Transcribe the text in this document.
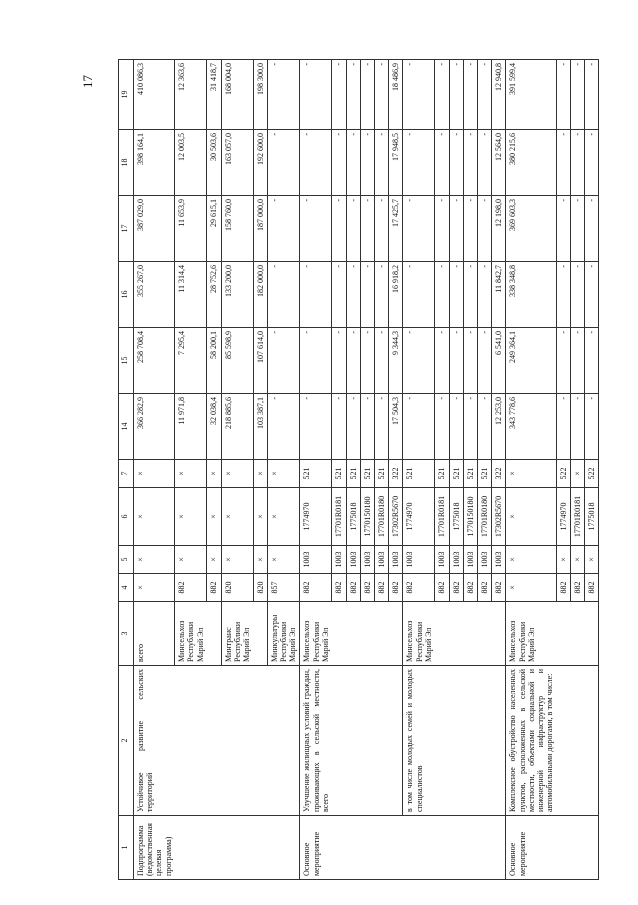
17
1	2	3	4	5	6	7	14	15	16	17	18	19
Подпрограмма (ведомственная целевая программа)	Устойчивое развитие сельских территорий	всего	×	×	×	×	366 282,9	258 708,4	355 267,0	387 029,0	398 164,1	410 086,3
		Минсельхоз Республики Марий Эл	882	×	×	×	11 971,8	7 295,4	11 314,4	11 653,9	12 003,5	12 363,6
			882	×	×	×	32 038,4	58 200,1	28 752,6	29 615,1	30 503,6	31 418,7
		Минтранс Республики Марий Эл	820	×	×	×	218 885,6	85 598,9	133 200,0	158 760,0	163 057,0	168 004,0
			820	×	×	×	103 387,1	107 614,0	182 000,0	187 000,0	192 600,0	198 300,0
		Минкультуры Республики Марий Эл	857	×	×	×	-	-	-	-	-	-
Основное мероприятие	Улучшение жилищных условий граждан, проживающих в сельской местности, всего	Минсельхоз Республики Марий Эл	882	1003	1774970	521	-	-	-	-	-	-
			882	1003	17701R0181	521	-	-	-	-	-	-
			882	1003	1775018	521	-	-	-	-	-	-
			882	1003	1770150180	521	-	-	-	-	-	-
			882	1003	17701R0180	521	-	-	-	-	-	-
			882	1003	17302R5670	322	17 504,3	9 344,3	16 918,2	17 425,7	17 948,5	18 486,9
	в том числе молодых семей и молодых специалистов	Минсельхоз Республики Марий Эл	882	1003	1774970	521	-	-	-	-	-	-
			882	1003	17701R0181	521	-	-	-	-	-	-
			882	1003	1775018	521	-	-	-	-	-	-
			882	1003	1770150180	521	-	-	-	-	-	-
			882	1003	17701R0180	521	-	-	-	-	-	-
			882	1003	17302R5670	322	12 253,0	6 541,0	11 842,7	12 198,0	12 564,0	12 940,8
Основное мероприятие	Комплексное обустройство населенных пунктов, расположенных в сельской местности, объектами социальной и инженерной инфраструктур и автомобильными дорогами, в том числе:	Минсельхоз Республики Марий Эл	×	×	×	×	343 778,6	249 364,1	338 348,8	369 603,3	380 215,6	391 599,4
			882	×	1774970	522	-	-	-	-	-	-
			882	×	17701R0181	×	-	-	-	-	-	-
			882	×	1775018	522	-	-	-	-	-	-
